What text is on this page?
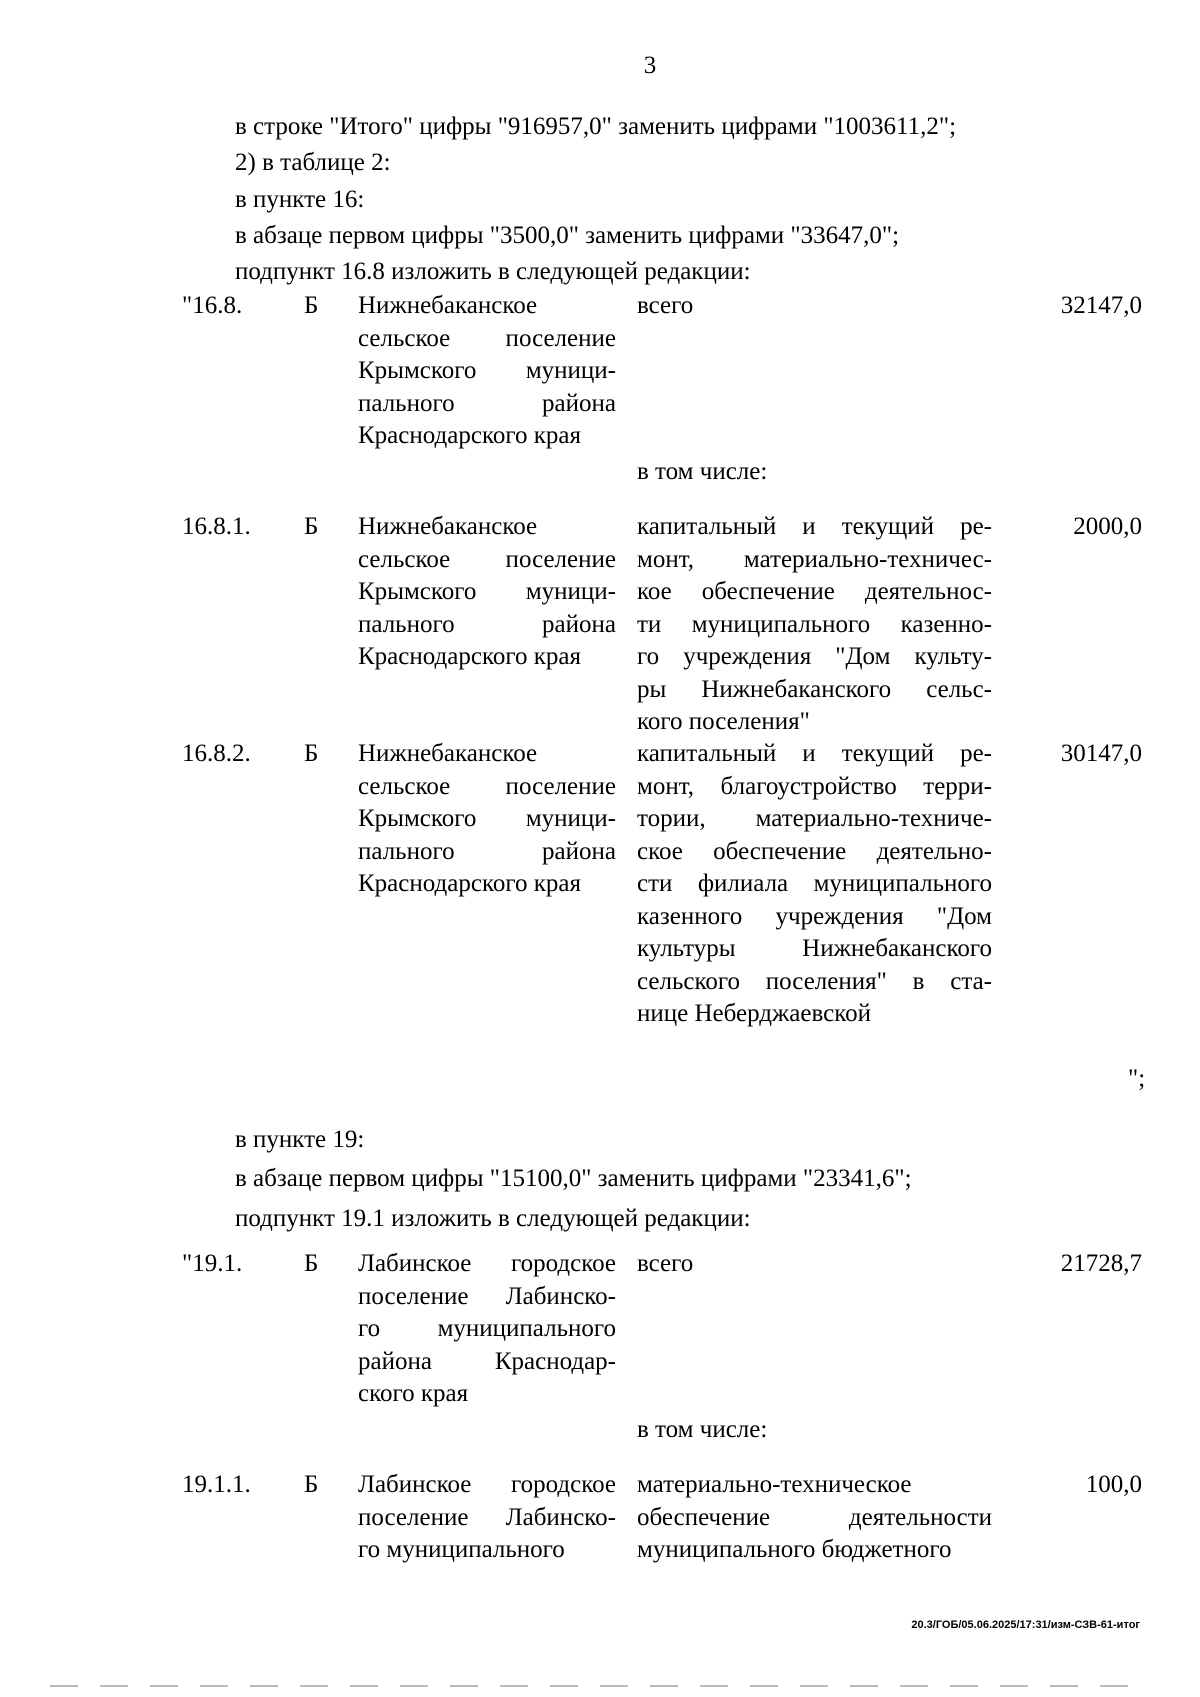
3
в строке "Итого" цифры "916957,0" заменить цифрами "1003611,2";
2) в таблице 2:
в пункте 16:
в абзаце первом цифры "3500,0" заменить цифрами "33647,0";
подпункт 16.8 изложить в следующей редакции:
"16.8. Б Нижнебаканское
сельское поселение
Крымского муници-
пального района
Краснодарского края
всего	32147,0
в том числе:
16.8.1. Б Нижнебаканское
сельское поселение
Крымского муници-
пального района
Краснодарского края
капитальный и текущий ре-
монт, материально-техничес-
кое обеспечение деятельнос-
ти муниципального казенно-
го учреждения "Дом культу-
ры Нижнебаканского сельс-
кого поселения"
2000,0
16.8.2. Б Нижнебаканское
сельское поселение
Крымского муници-
пального района
Краснодарского края
капитальный и текущий ре-
монт, благоустройство терри-
тории, материально-техниче-
ское обеспечение деятельно-
сти филиала муниципального
казенного учреждения "Дом
культуры Нижнебаканского
сельского поселения" в ста-
нице Неберджаевской
30147,0
";
в пункте 19:
в абзаце первом цифры "15100,0" заменить цифрами "23341,6";
подпункт 19.1 изложить в следующей редакции:
"19.1. Б Лабинское городское
поселение Лабинско-
го муниципального
района Краснодар-
ского края
всего	21728,7
в том числе:
19.1.1. Б Лабинское городское
поселение Лабинско-
го муниципального
материально-техническое
обеспечение деятельности
муниципального бюджетного
100,0
20.3/ГОБ/05.06.2025/17:31/изм-СЗВ-61-итог
